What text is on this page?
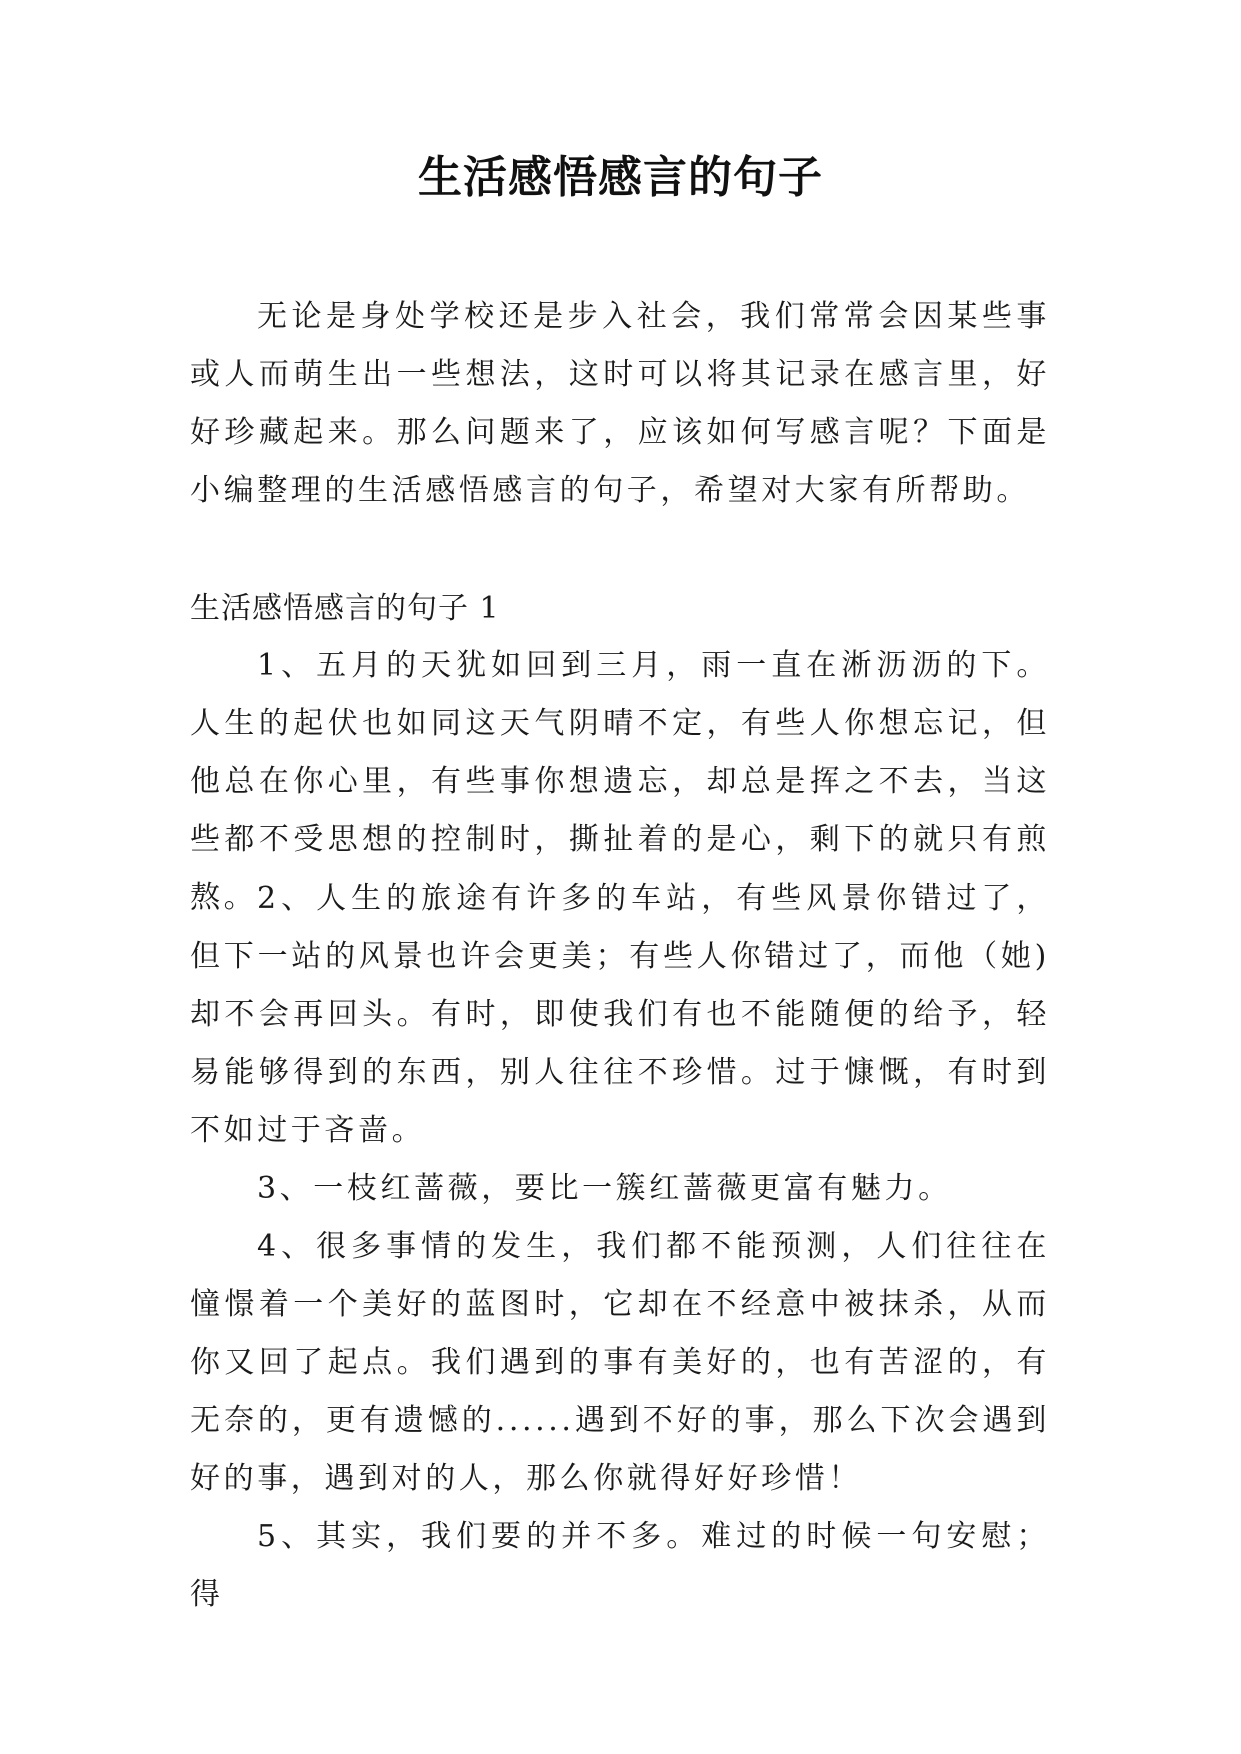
生活感悟感言的句子

无论是身处学校还是步入社会，我们常常会因某些事或人而萌生出一些想法，这时可以将其记录在感言里，好好珍藏起来。那么问题来了，应该如何写感言呢？下面是小编整理的生活感悟感言的句子，希望对大家有所帮助。

生活感悟感言的句子 1

1、五月的天犹如回到三月，雨一直在淅沥沥的下。人生的起伏也如同这天气阴晴不定，有些人你想忘记，但他总在你心里，有些事你想遗忘，却总是挥之不去，当这些都不受思想的控制时，撕扯着的是心，剩下的就只有煎熬。 2、人生的旅途有许多的车站，有些风景你错过了，但下一站的风景也许会更美；有些人你错过了，而他（她)却不会再回头。有时，即使我们有也不能随便的给予，轻易能够得到的东西，别人往往不珍惜。过于慷慨，有时到不如过于吝啬。

3、一枝红蔷薇，要比一簇红蔷薇更富有魅力。

4、很多事情的发生，我们都不能预测，人们往往在憧憬着一个美好的蓝图时，它却在不经意中被抹杀，从而你又回了起点。我们遇到的事有美好的，也有苦涩的，有无奈的，更有遗憾的......遇到不好的事，那么下次会遇到好的事，遇到对的人，那么你就得好好珍惜！

5、其实，我们要的并不多。难过的时候一句安慰；得
